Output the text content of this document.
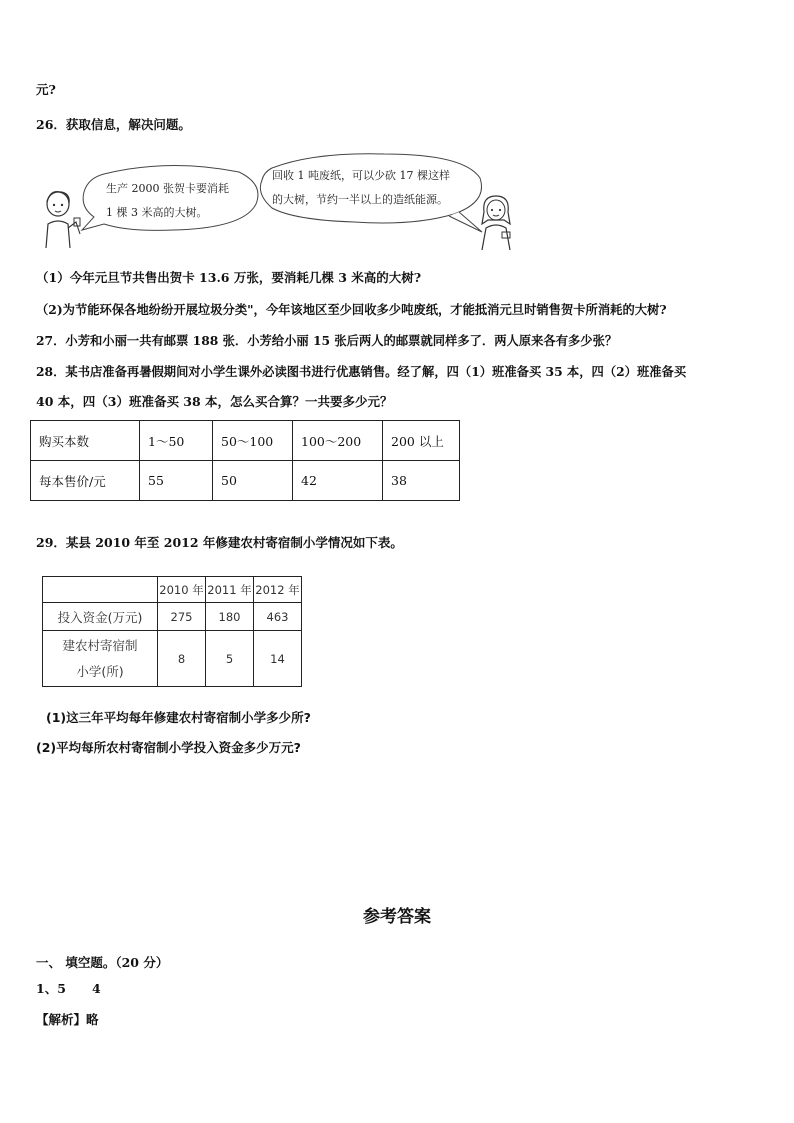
元?
26．获取信息，解决问题。
生产 2000 张贺卡要消耗
1 棵 3 米高的大树。
回收 1 吨废纸，可以少砍 17 棵这样
的大树，节约一半以上的造纸能源。
（1）今年元旦节共售出贺卡 13.6 万张，要消耗几棵 3 米高的大树?
（2)为节能环保各地纷纷开展垃圾分类"，今年该地区至少回收多少吨废纸，才能抵消元旦时销售贺卡所消耗的大树?
27．小芳和小丽一共有邮票 188 张．小芳给小丽 15 张后两人的邮票就同样多了．两人原来各有多少张？
28．某书店准备再暑假期间对小学生课外必读图书进行优惠销售。经了解，四（1）班准备买 35 本，四（2）班准备买
40 本，四（3）班准备买 38 本，怎么买合算？一共要多少元？
购买本数	1～50	50～100	100～200	200 以上
每本售价/元	55	50	42	38
29．某县 2010 年至 2012 年修建农村寄宿制小学情况如下表。
	2010 年	2011 年	2012 年
投入资金(万元)	275	180	463

建农村寄宿制
小学(所)	8	5	14
(1)这三年平均每年修建农村寄宿制小学多少所?
(2)平均每所农村寄宿制小学投入资金多少万元?
参考答案
一、 填空题。（20 分）
1、5      4
【解析】略
